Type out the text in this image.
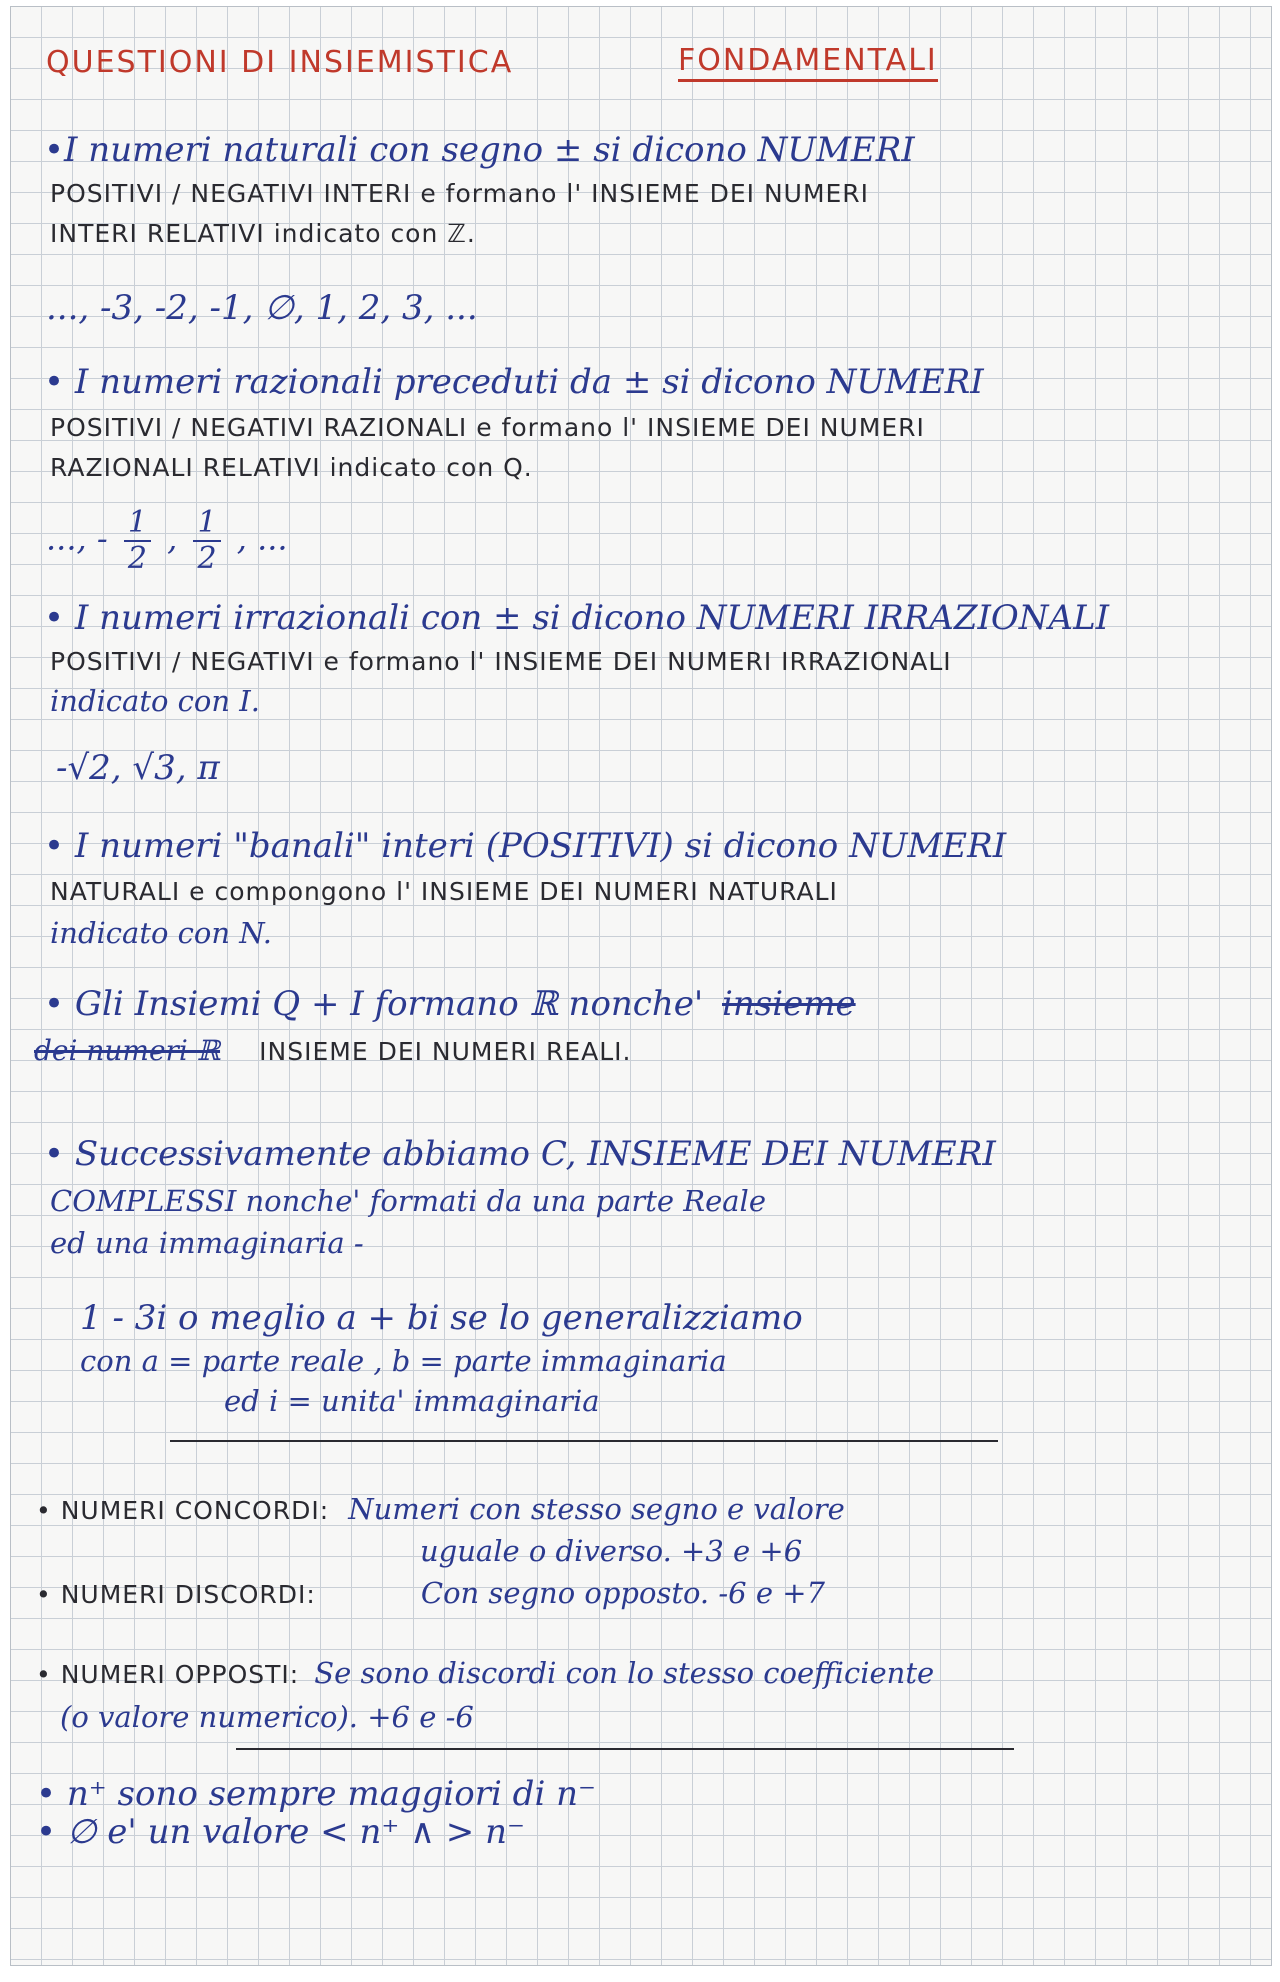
QUESTIONI DI INSIEMISTICA	FONDAMENTALI
•I numeri naturali con segno ± si dicono NUMERI
POSITIVI / NEGATIVI INTERI e formano l' INSIEME DEI NUMERI
INTERI RELATIVI indicato con ℤ.
..., -3, -2, -1, ∅, 1, 2, 3, ...
• I numeri razionali preceduti da ± si dicono NUMERI
POSITIVI / NEGATIVI RAZIONALI e formano l' INSIEME DEI NUMERI
RAZIONALI RELATIVI indicato con Q.
..., - $\frac{1}{2}$ , $\frac{1}{2}$ , ...
• I numeri irrazionali con ± si dicono NUMERI IRRAZIONALI
POSITIVI / NEGATIVI e formano l' INSIEME DEI NUMERI IRRAZIONALI
indicato con I.
-√2, √3, π
• I numeri "banali" interi (POSITIVI) si dicono NUMERI
NATURALI e compongono l' INSIEME DEI NUMERI NATURALI
indicato con N.
• Gli Insiemi Q + I formano ℝ nonche' insieme
dei numeri ℝ INSIEME DEI NUMERI REALI.
• Successivamente abbiamo C, INSIEME DEI NUMERI
COMPLESSI nonche' formati da una parte Reale
ed una immaginaria -
1 - 3i o meglio a + bi se lo generalizziamo
con a = parte reale , b = parte immaginaria
ed i = unita' immaginaria
• NUMERI CONCORDI: Numeri con stesso segno e valore
uguale o diverso. +3 e +6
• NUMERI DISCORDI:	Con segno opposto. -6 e +7
• NUMERI OPPOSTI: Se sono discordi con lo stesso coefficiente
(o valore numerico). +6 e -6
• n⁺ sono sempre maggiori di n⁻
• ∅ e' un valore < n⁺ ∧ > n⁻
